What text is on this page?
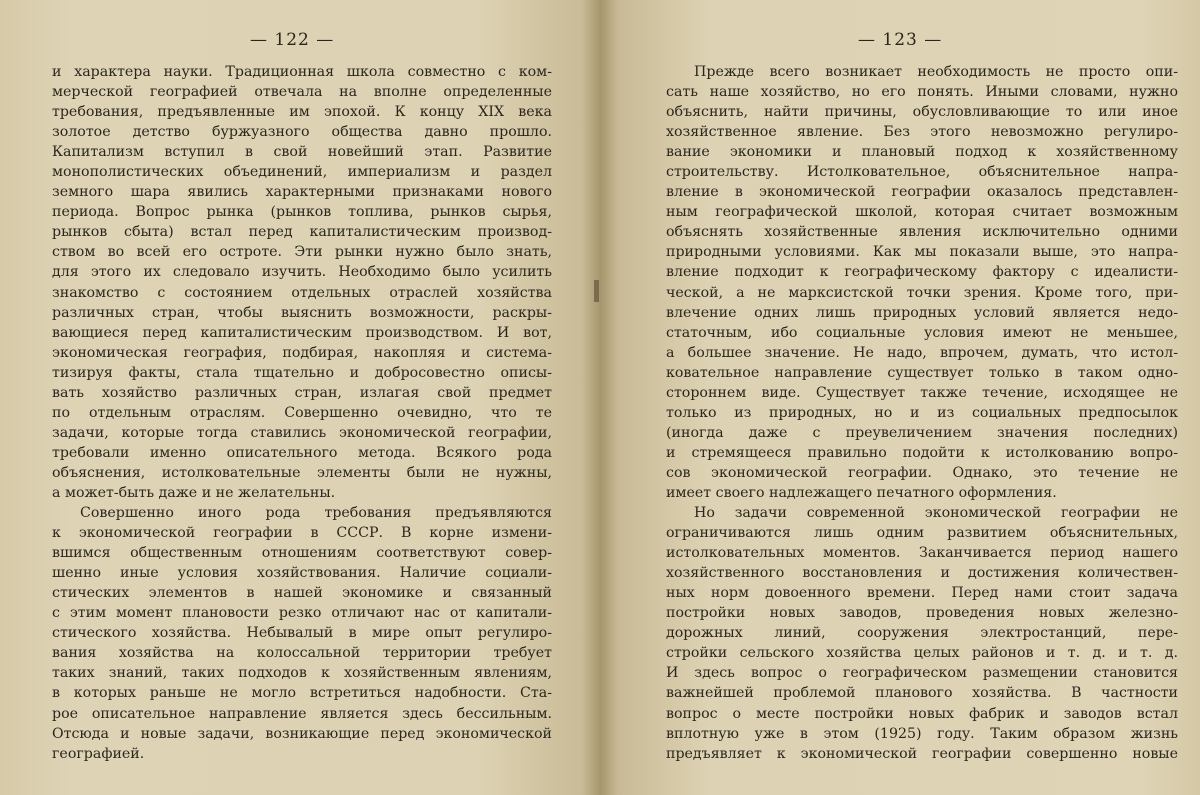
— 122 —
и характера науки. Традиционная школа совместно с ком-
мерческой географией отвечала на вполне определенные
требования, предъявленные им эпохой. К концу XIX века
золотое детство буржуазного общества давно прошло.
Капитализм вступил в свой новейший этап. Развитие
монополистических объединений, империализм и раздел
земного шара явились характерными признаками нового
периода. Вопрос рынка (рынков топлива, рынков сырья,
рынков сбыта) встал перед капиталистическим производ-
ством во всей его остроте. Эти рынки нужно было знать,
для этого их следовало изучить. Необходимо было усилить
знакомство с состоянием отдельных отраслей хозяйства
различных стран, чтобы выяснить возможности, раскры-
вающиеся перед капиталистическим производством. И вот,
экономическая география, подбирая, накопляя и система-
тизируя факты, стала тщательно и добросовестно описы-
вать хозяйство различных стран, излагая свой предмет
по отдельным отраслям. Совершенно очевидно, что те
задачи, которые тогда ставились экономической географии,
требовали именно описательного метода. Всякого рода
объяснения, истолковательные элементы были не нужны,
а может-быть даже и не желательны.
Совершенно иного рода требования предъявляются
к экономической географии в СССР. В корне измени-
вшимся общественным отношениям соответствуют совер-
шенно иные условия хозяйствования. Наличие социали-
стических элементов в нашей экономике и связанный
с этим момент плановости резко отличают нас от капитали-
стического хозяйства. Небывалый в мире опыт регулиро-
вания хозяйства на колоссальной территории требует
таких знаний, таких подходов к хозяйственным явлениям,
в которых раньше не могло встретиться надобности. Ста-
рое описательное направление является здесь бессильным.
Отсюда и новые задачи, возникающие перед экономической
географией.
— 123 —
Прежде всего возникает необходимость не просто опи-
сать наше хозяйство, но его понять. Иными словами, нужно
объяснить, найти причины, обусловливающие то или иное
хозяйственное явление. Без этого невозможно регулиро-
вание экономики и плановый подход к хозяйственному
строительству. Истолковательное, объяснительное напра-
вление в экономической географии оказалось представлен-
ным географической школой, которая считает возможным
объяснять хозяйственные явления исключительно одними
природными условиями. Как мы показали выше, это напра-
вление подходит к географическому фактору с идеалисти-
ческой, а не марксистской точки зрения. Кроме того, при-
влечение одних лишь природных условий является недо-
статочным, ибо социальные условия имеют не меньшее,
а большее значение. Не надо, впрочем, думать, что истол-
ковательное направление существует только в таком одно-
стороннем виде. Существует также течение, исходящее не
только из природных, но и из социальных предпосылок
(иногда даже с преувеличением значения последних)
и стремящееся правильно подойти к истолкованию вопро-
сов экономической географии. Однако, это течение не
имеет своего надлежащего печатного оформления.
Но задачи современной экономической географии не
ограничиваются лишь одним развитием объяснительных,
истолковательных моментов. Заканчивается период нашего
хозяйственного восстановления и достижения количествен-
ных норм довоенного времени. Перед нами стоит задача
постройки новых заводов, проведения новых железно-
дорожных линий, сооружения электростанций, пере-
стройки сельского хозяйства целых районов и т. д. и т. д.
И здесь вопрос о географическом размещении становится
важнейшей проблемой планового хозяйства. В частности
вопрос о месте постройки новых фабрик и заводов встал
вплотную уже в этом (1925) году. Таким образом жизнь
предъявляет к экономической географии совершенно новые
